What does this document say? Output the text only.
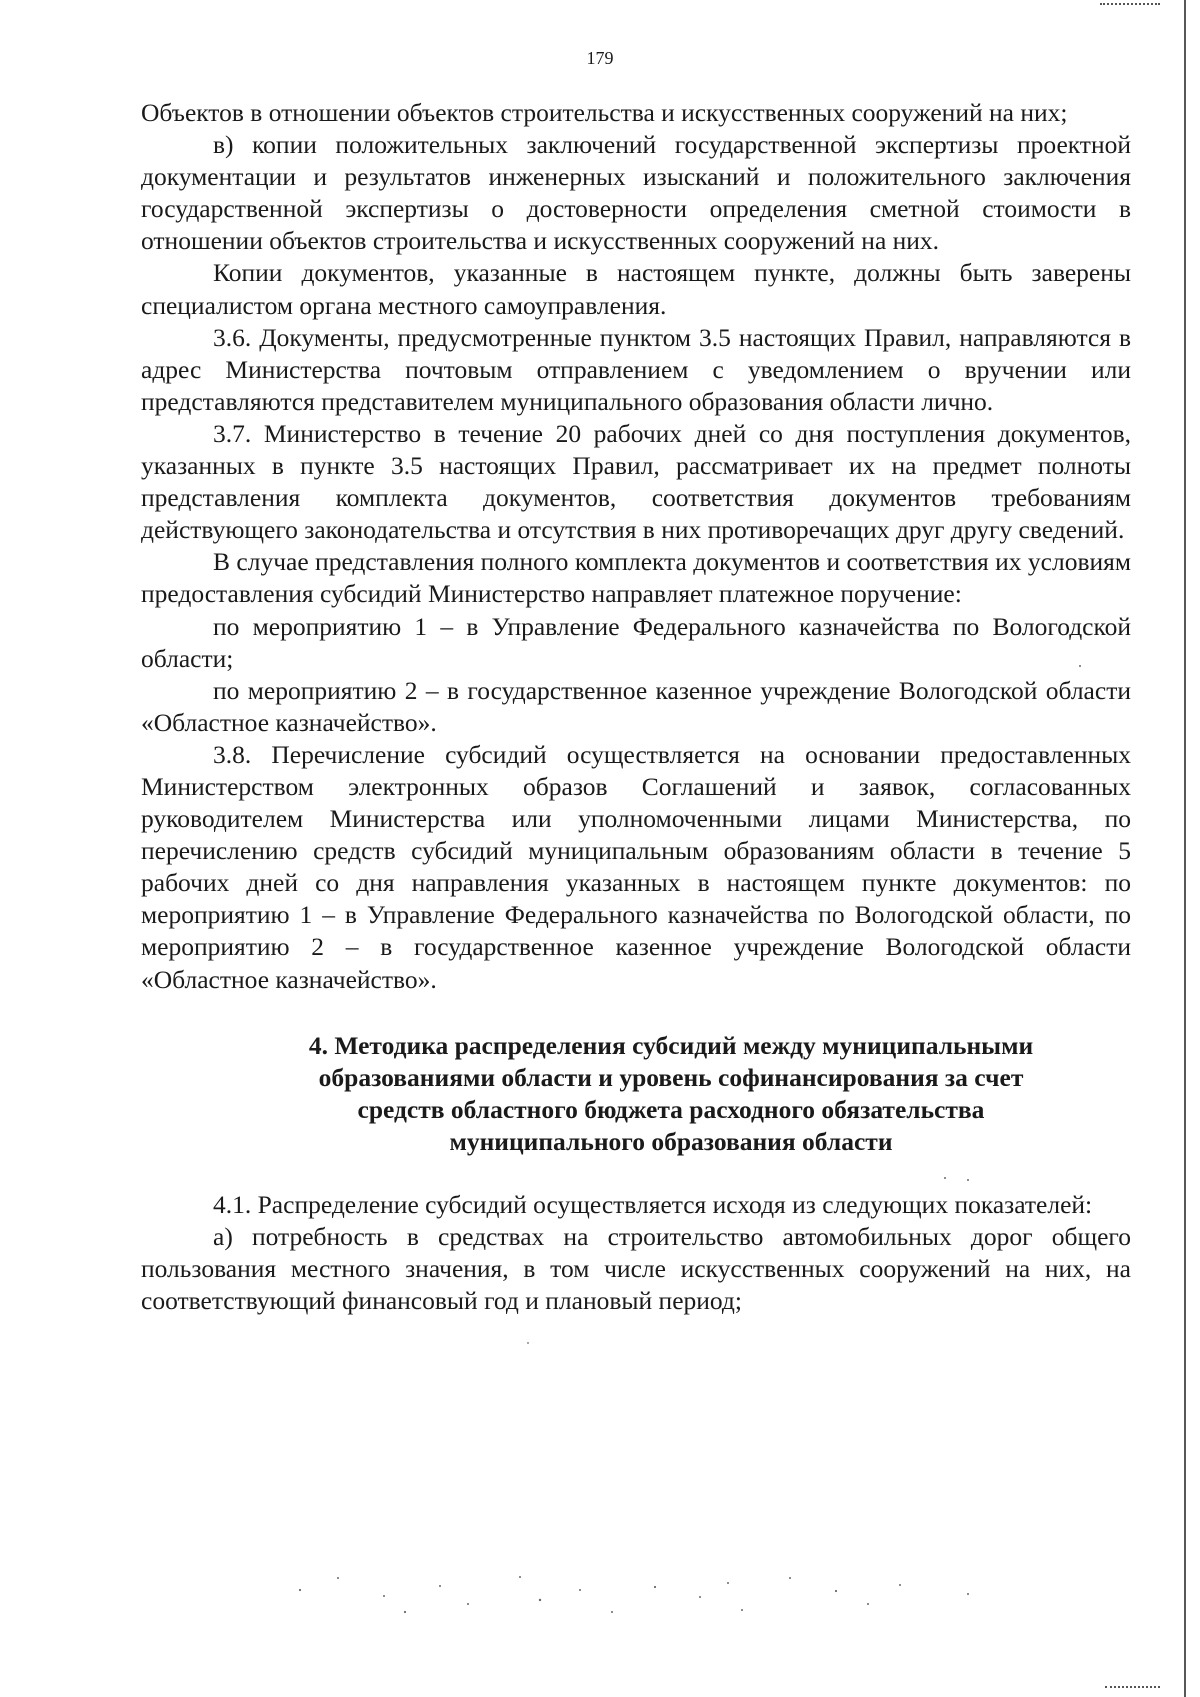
179

Объектов в отношении объектов строительства и искусственных сооружений на них;

в) копии положительных заключений государственной экспертизы проектной документации и результатов инженерных изысканий и положительного заключения государственной экспертизы о достоверности определения сметной стоимости в отношении объектов строительства и искусственных сооружений на них.

Копии документов, указанные в настоящем пункте, должны быть заверены специалистом органа местного самоуправления.

3.6. Документы, предусмотренные пунктом 3.5 настоящих Правил, направляются в адрес Министерства почтовым отправлением с уведомлением о вручении или представляются представителем муниципального образования области лично.

3.7. Министерство в течение 20 рабочих дней со дня поступления документов, указанных в пункте 3.5 настоящих Правил, рассматривает их на предмет полноты представления комплекта документов, соответствия документов требованиям действующего законодательства и отсутствия в них противоречащих друг другу сведений.

В случае представления полного комплекта документов и соответствия их условиям предоставления субсидий Министерство направляет платежное поручение:

по мероприятию 1 – в Управление Федерального казначейства по Вологодской области;

по мероприятию 2 – в государственное казенное учреждение Вологодской области «Областное казначейство».

3.8. Перечисление субсидий осуществляется на основании предоставленных Министерством электронных образов Соглашений и заявок, согласованных руководителем Министерства или уполномоченными лицами Министерства, по перечислению средств субсидий муниципальным образованиям области в течение 5 рабочих дней со дня направления указанных в настоящем пункте документов: по мероприятию 1 – в Управление Федерального казначейства по Вологодской области, по мероприятию 2 – в государственное казенное учреждение Вологодской области «Областное казначейство».

4. Методика распределения субсидий между муниципальными
образованиями области и уровень софинансирования за счет
средств областного бюджета расходного обязательства
муниципального образования области

4.1. Распределение субсидий осуществляется исходя из следующих показателей:

а) потребность в средствах на строительство автомобильных дорог общего пользования местного значения, в том числе искусственных сооружений на них, на соответствующий финансовый год и плановый период;
